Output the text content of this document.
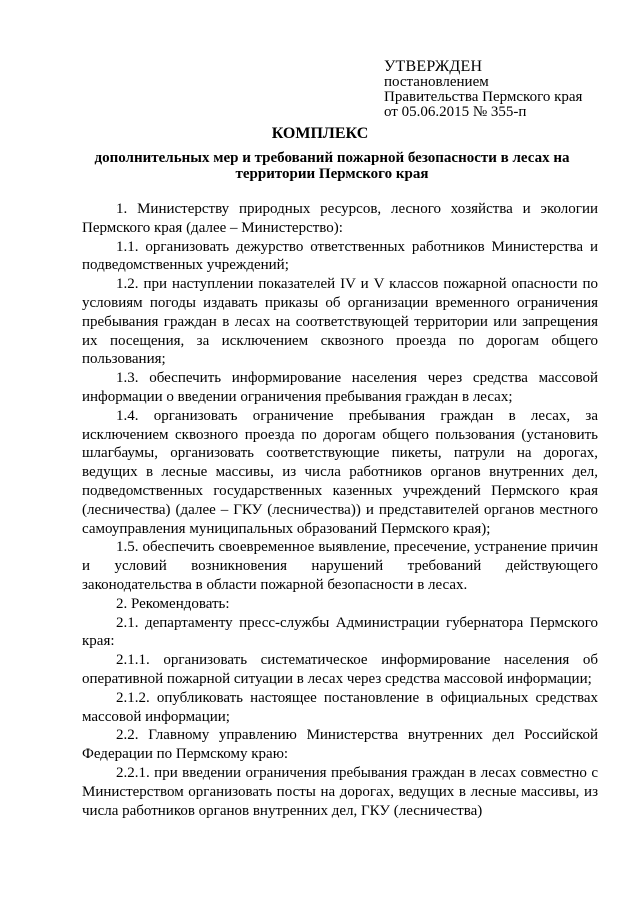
УТВЕРЖДЕН
постановлением
Правительства Пермского края
от 05.06.2015 № 355-п
КОМПЛЕКС
дополнительных мер и требований пожарной безопасности в лесах на территории Пермского края

1. Министерству природных ресурсов, лесного хозяйства и экологии Пермского края (далее – Министерство):

1.1. организовать дежурство ответственных работников Министерства и подведомственных учреждений;

1.2. при наступлении показателей IV и V классов пожарной опасности по условиям погоды издавать приказы об организации временного ограничения пребывания граждан в лесах на соответствующей территории или запрещения их посещения, за исключением сквозного проезда по дорогам общего пользования;

1.3. обеспечить информирование населения через средства массовой информации о введении ограничения пребывания граждан в лесах;

1.4. организовать ограничение пребывания граждан в лесах, за исключением сквозного проезда по дорогам общего пользования (установить шлагбаумы, организовать соответствующие пикеты, патрули на дорогах, ведущих в лесные массивы, из числа работников органов внутренних дел, подведомственных государственных казенных учреждений Пермского края (лесничества) (далее – ГКУ (лесничества)) и представителей органов местного самоуправления муниципальных образований Пермского края);

1.5. обеспечить своевременное выявление, пресечение, устранение причин и условий возникновения нарушений требований действующего законодательства в области пожарной безопасности в лесах.

2. Рекомендовать:

2.1. департаменту пресс-службы Администрации губернатора Пермского края:

2.1.1. организовать систематическое информирование населения об оперативной пожарной ситуации в лесах через средства массовой информации;

2.1.2. опубликовать настоящее постановление в официальных средствах массовой информации;

2.2. Главному управлению Министерства внутренних дел Российской Федерации по Пермскому краю:

2.2.1. при введении ограничения пребывания граждан в лесах совместно с Министерством организовать посты на дорогах, ведущих в лесные массивы, из числа работников органов внутренних дел, ГКУ (лесничества)
